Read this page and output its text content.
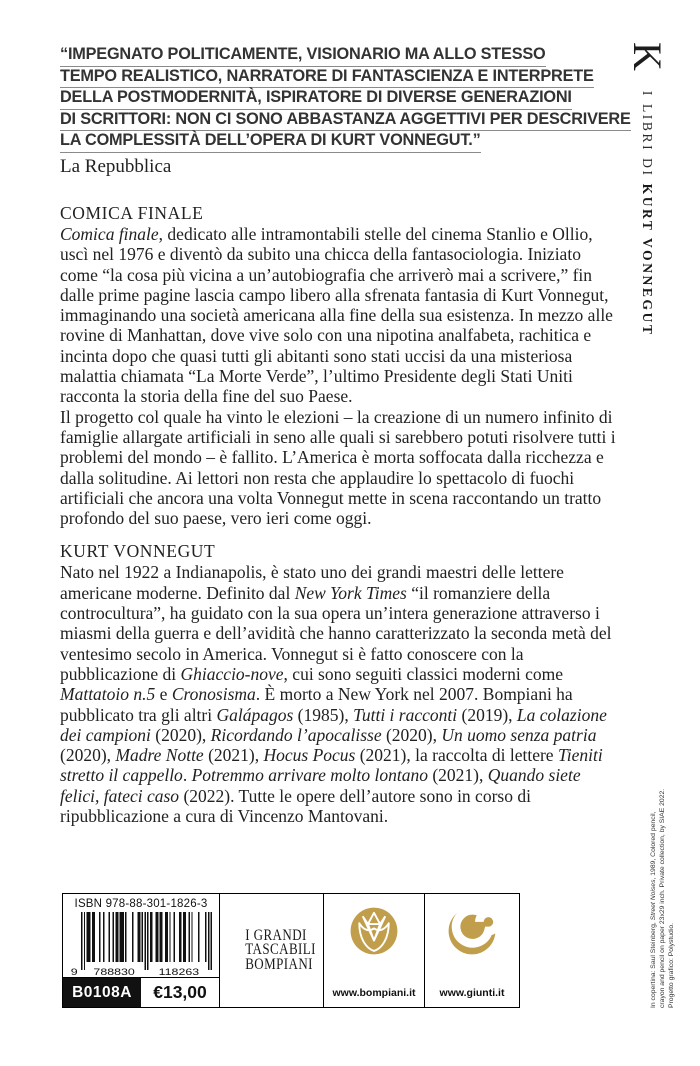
“IMPEGNATO POLITICAMENTE, VISIONARIO MA ALLO STESSO
TEMPO REALISTICO, NARRATORE DI FANTASCIENZA E INTERPRETE
DELLA POSTMODERNITÀ, ISPIRATORE DI DIVERSE GENERAZIONI
DI SCRITTORI: NON CI SONO ABBASTANZA AGGETTIVI PER DESCRIVERE
LA COMPLESSITÀ DELL’OPERA DI KURT VONNEGUT.”
La Repubblica
COMICA FINALE

Comica finale, dedicato alle intramontabili stelle del cinema Stanlio e Ollio, uscì nel 1976 e diventò da subito una chicca della fantasociologia. Iniziato come “la cosa più vicina a un’autobiografia che arriverò mai a scrivere,” fin dalle prime pagine lascia campo libero alla sfrenata fantasia di Kurt Vonnegut, immaginando una società americana alla fine della sua esistenza. In mezzo alle rovine di Manhattan, dove vive solo con una nipotina analfabeta, rachitica e incinta dopo che quasi tutti gli abitanti sono stati uccisi da una misteriosa malattia chiamata “La Morte Verde”, l’ultimo Presidente degli Stati Uniti racconta la storia della fine del suo Paese.

Il progetto col quale ha vinto le elezioni – la creazione di un numero infinito di famiglie allargate artificiali in seno alle quali si sarebbero potuti risolvere tutti i problemi del mondo – è fallito. L’America è morta soffocata dalla ricchezza e dalla solitudine. Ai lettori non resta che applaudire lo spettacolo di fuochi artificiali che ancora una volta Vonnegut mette in scena raccontando un tratto profondo del suo paese, vero ieri come oggi.

KURT VONNEGUT

Nato nel 1922 a Indianapolis, è stato uno dei grandi maestri delle lettere americane moderne. Definito dal New York Times “il romanziere della controcultura”, ha guidato con la sua opera un’intera generazione attraverso i miasmi della guerra e dell’avidità che hanno caratterizzato la seconda metà del ventesimo secolo in America. Vonnegut si è fatto conoscere con la pubblicazione di Ghiaccio-nove, cui sono seguiti classici moderni come Mattatoio n.5 e Cronosisma. È morto a New York nel 2007. Bompiani ha pubblicato tra gli altri Galápagos (1985), Tutti i racconti (2019), La colazione dei campioni (2020), Ricordando l’apocalisse (2020), Un uomo senza patria (2020), Madre Notte (2021), Hocus Pocus (2021), la raccolta di lettere Tieniti stretto il cappello. Potremmo arrivare molto lontano (2021), Quando siete felici, fateci caso (2022). Tutte le opere dell’autore sono in corso di ripubblicazione a cura di Vincenzo Mantovani.

K I LIBRI DI KURT VONNEGUT

In copertina: Saul Steinberg, Street Noises, 1989, Colored pencil, crayon and pencil on paper 23x29 inch. Private collection, by SIAE 2022. Progetto grafico: Polystudio.

ISBN 978-88-301-1826-3
9 788830	118263
B0108A	€13,00
I GRANDI
TASCABILI
BOMPIANI
www.bompiani.it www.giunti.it
